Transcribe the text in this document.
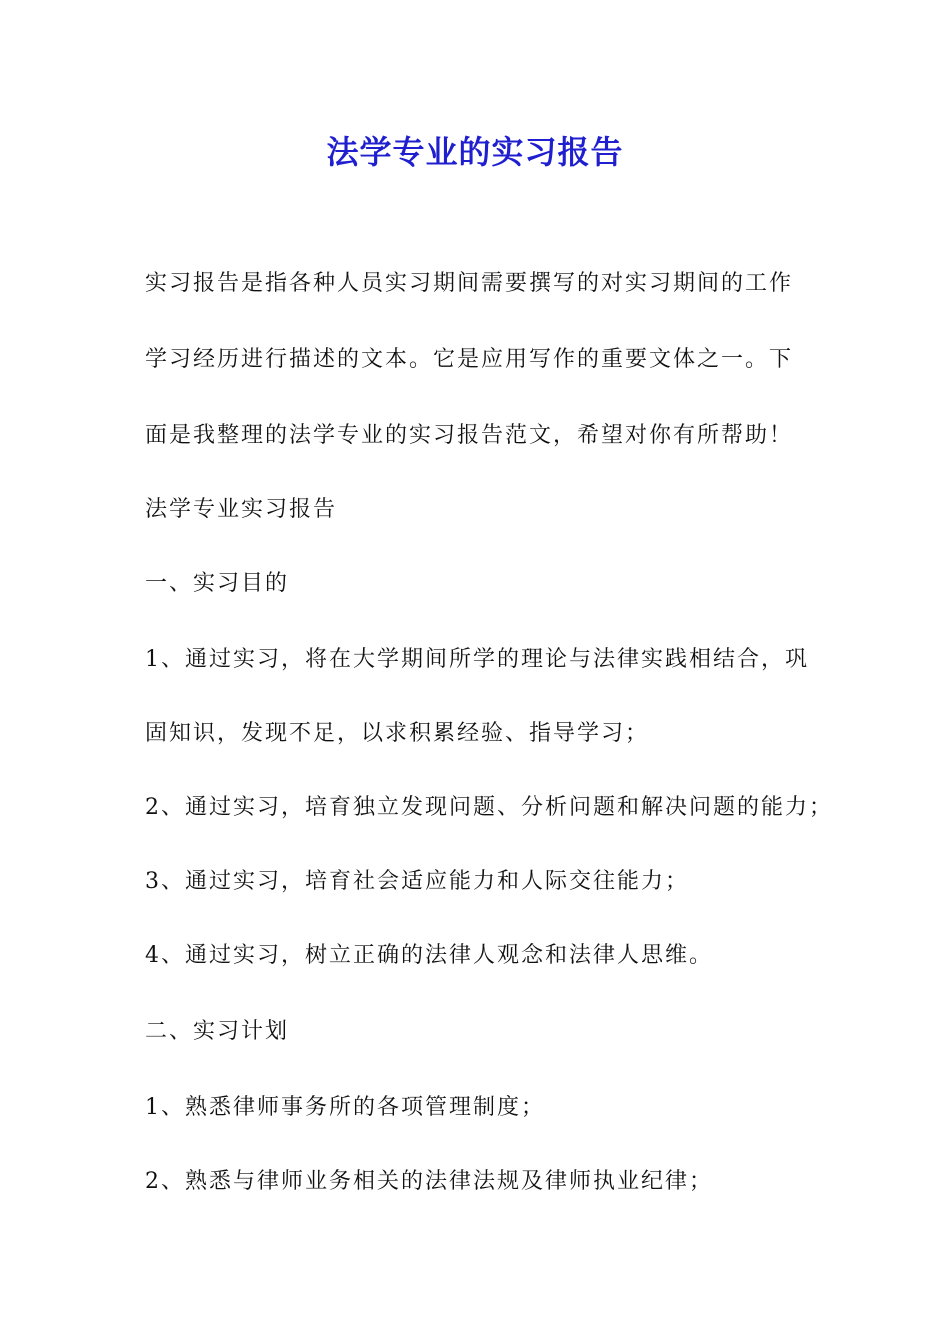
法学专业的实习报告
实习报告是指各种人员实习期间需要撰写的对实习期间的工作
学习经历进行描述的文本。它是应用写作的重要文体之一。下
面是我整理的法学专业的实习报告范文，希望对你有所帮助！
法学专业实习报告
一、实习目的
1、通过实习，将在大学期间所学的理论与法律实践相结合，巩
固知识，发现不足，以求积累经验、指导学习；
2、通过实习，培育独立发现问题、分析问题和解决问题的能力；
3、通过实习，培育社会适应能力和人际交往能力；
4、通过实习，树立正确的法律人观念和法律人思维。
二、实习计划
1、熟悉律师事务所的各项管理制度；
2、熟悉与律师业务相关的法律法规及律师执业纪律；
